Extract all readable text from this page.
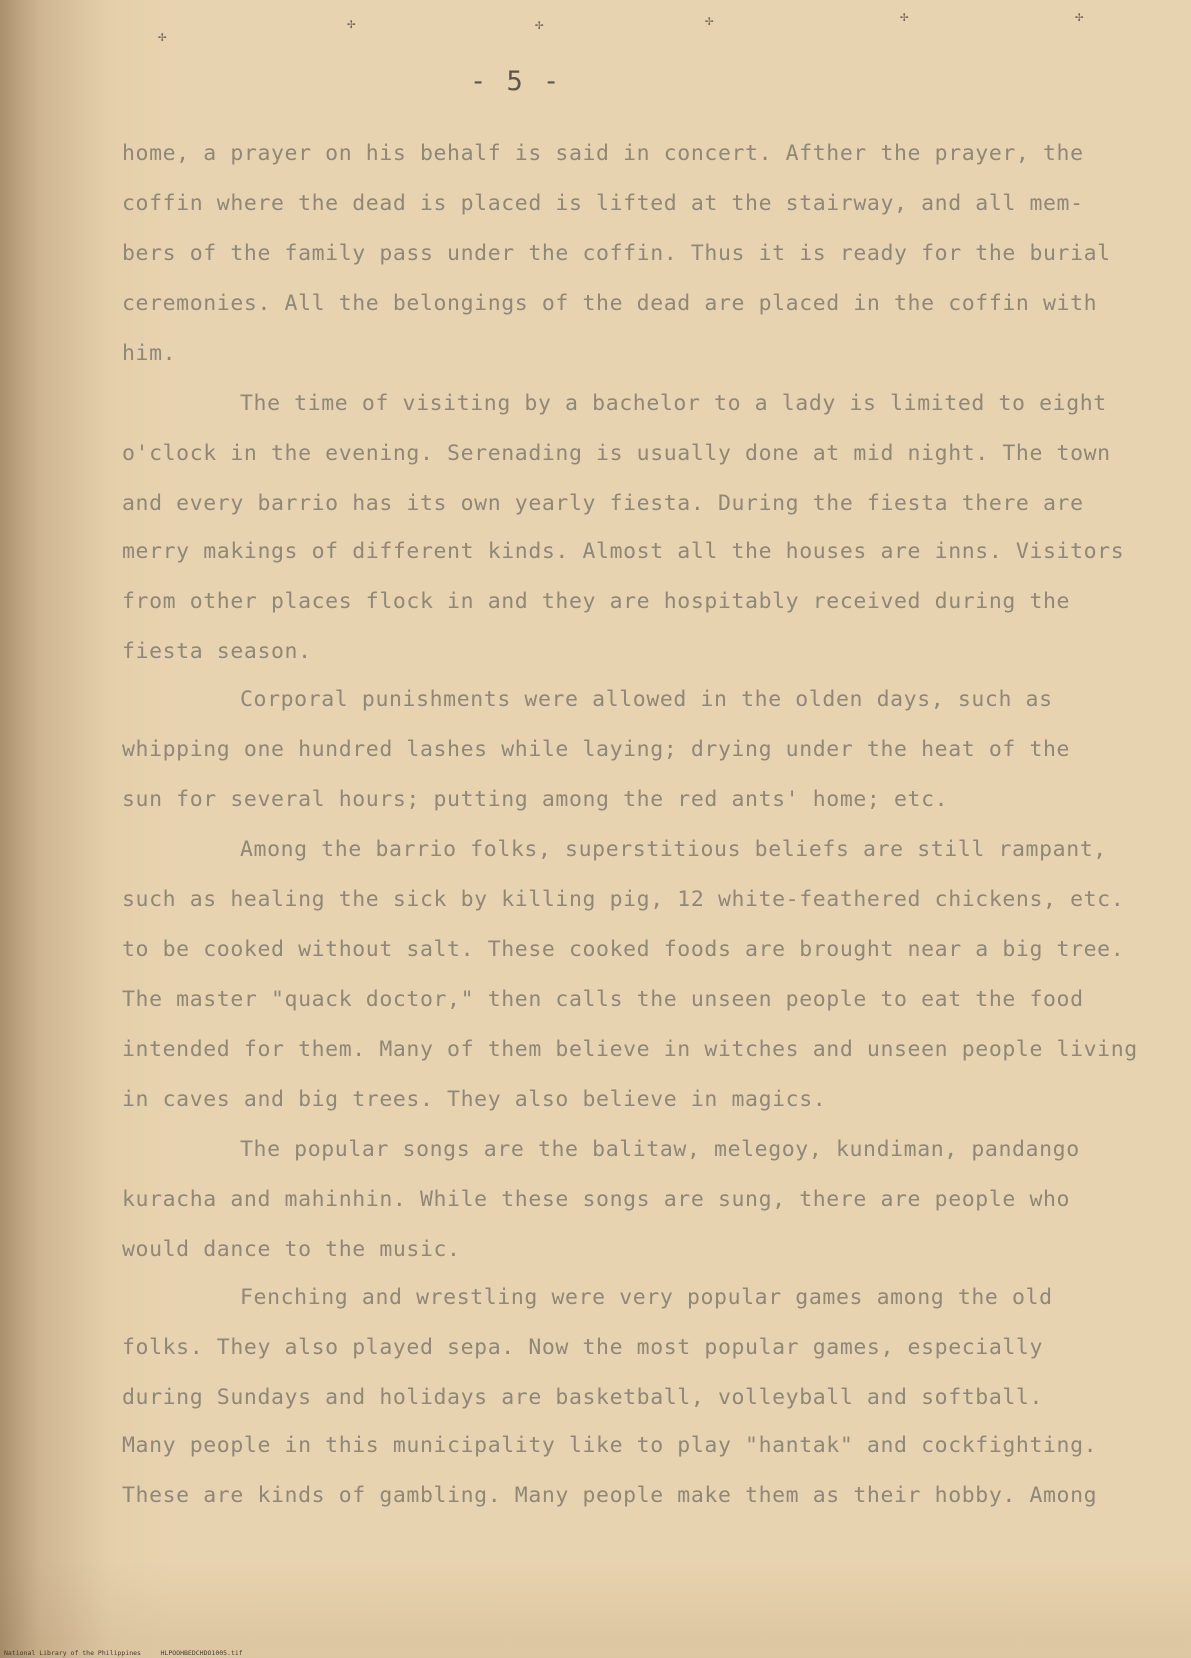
✢
✢	✢	✢	✢	✢
- 5 -
home, a prayer on his behalf is said in concert. Afther the prayer, the
coffin where the dead is placed is lifted at the stairway, and all mem-
bers of the family pass under the coffin. Thus it is ready for the burial
ceremonies. All the belongings of the dead are placed in the coffin with
him.
The time of visiting by a bachelor to a lady is limited to eight
o'clock in the evening. Serenading is usually done at mid night. The town
and every barrio has its own yearly fiesta. During the fiesta there are
merry makings of different kinds. Almost all the houses are inns. Visitors
from other places flock in and they are hospitably received during the
fiesta season.
Corporal punishments were allowed in the olden days, such as
whipping one hundred lashes while laying; drying under the heat of the
sun for several hours; putting among the red ants' home; etc.
Among the barrio folks, superstitious beliefs are still rampant,
such as healing the sick by killing pig, 12 white-feathered chickens, etc.
to be cooked without salt. These cooked foods are brought near a big tree.
The master "quack doctor," then calls the unseen people to eat the food
intended for them. Many of them believe in witches and unseen people living
in caves and big trees. They also believe in magics.
The popular songs are the balitaw, melegoy, kundiman, pandango
kuracha and mahinhin. While these songs are sung, there are people who
would dance to the music.
Fenching and wrestling were very popular games among the old
folks. They also played sepa. Now the most popular games, especially
during Sundays and holidays are basketball, volleyball and softball.
Many people in this municipality like to play "hantak" and cockfighting.
These are kinds of gambling. Many people make them as their hobby. Among
National Library of the Philippines     HLPOOHBEDCHDO1005.tif
